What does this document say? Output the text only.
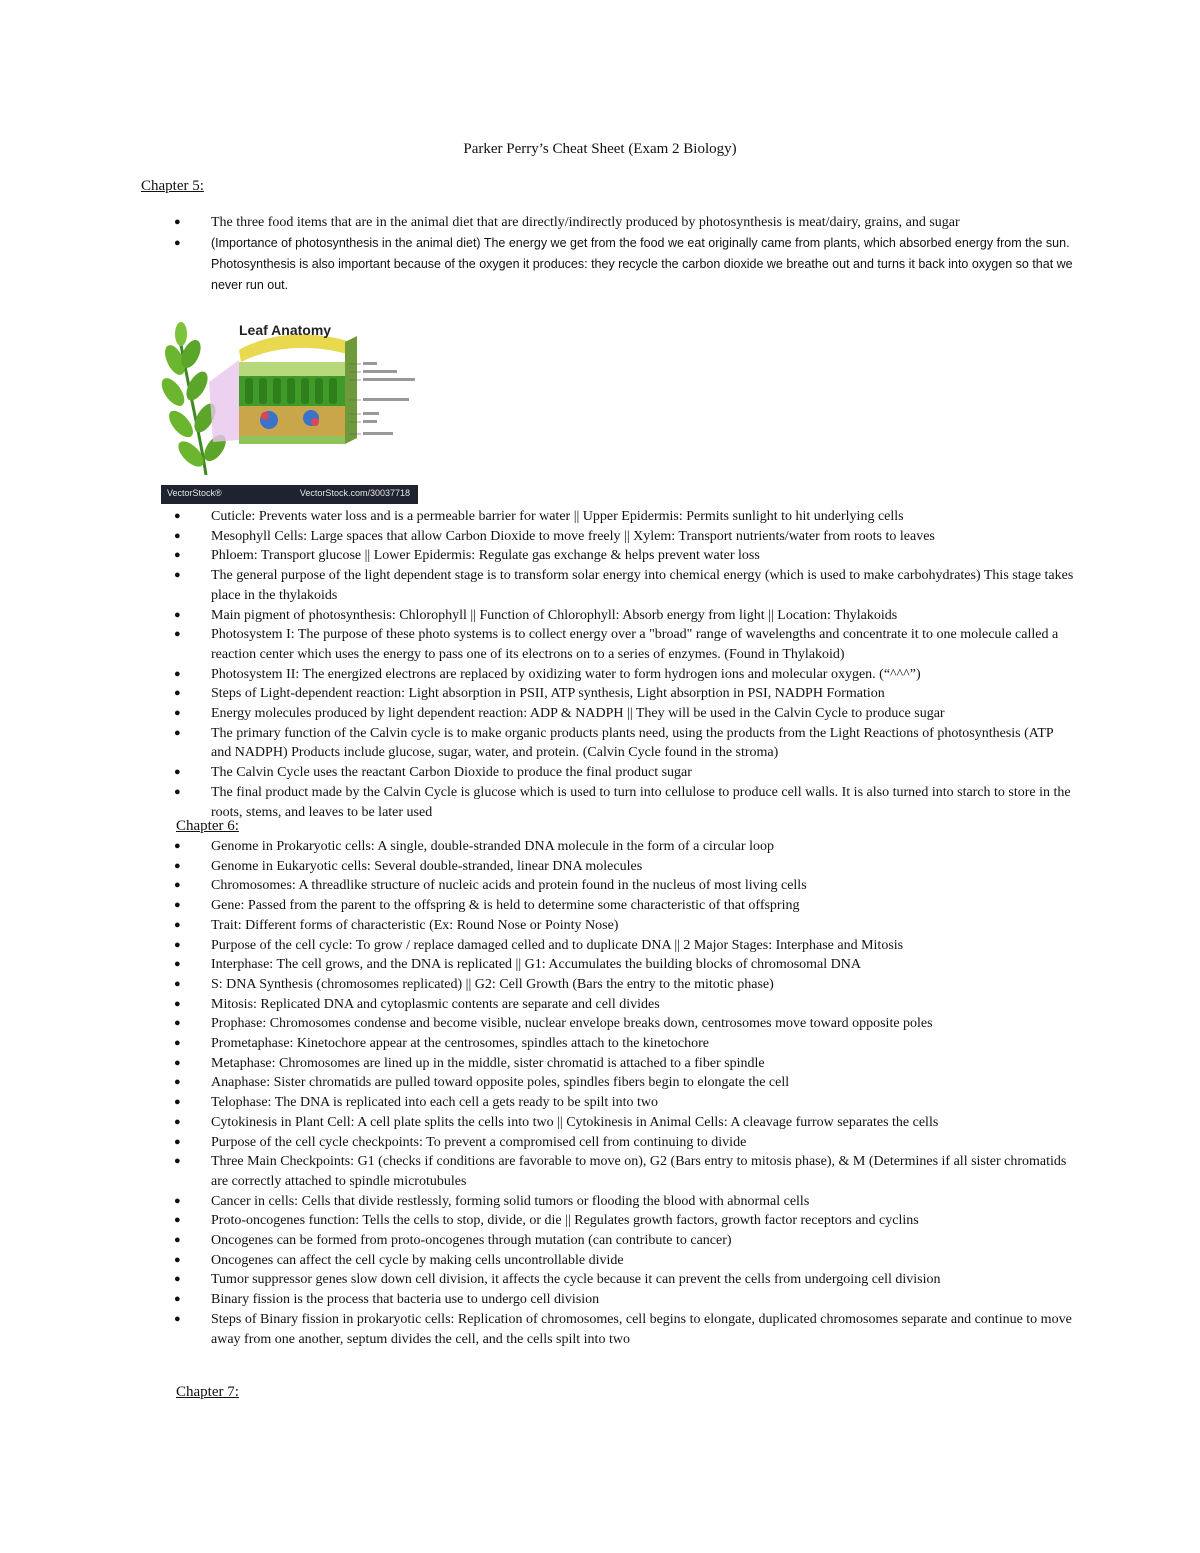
Parker Perry’s Cheat Sheet (Exam 2 Biology)
Chapter 5:
● The three food items that are in the animal diet that are directly/indirectly produced by photosynthesis is meat/dairy, grains, and sugar
● (Importance of photosynthesis in the animal diet) The energy we get from the food we eat originally came from plants, which absorbed energy from the sun. Photosynthesis is also important because of the oxygen it produces: they recycle the carbon dioxide we breathe out and turns it back into oxygen so that we never run out.
Leaf Anatomy
VectorStock®	VectorStock.com/30037718
● Cuticle: Prevents water loss and is a permeable barrier for water || Upper Epidermis: Permits sunlight to hit underlying cells
● Mesophyll Cells: Large spaces that allow Carbon Dioxide to move freely || Xylem: Transport nutrients/water from roots to leaves
● Phloem: Transport glucose || Lower Epidermis: Regulate gas exchange & helps prevent water loss
● The general purpose of the light dependent stage is to transform solar energy into chemical energy (which is used to make carbohydrates) This stage takes place in the thylakoids
● Main pigment of photosynthesis: Chlorophyll || Function of Chlorophyll: Absorb energy from light || Location: Thylakoids
● Photosystem I: The purpose of these photo systems is to collect energy over a "broad" range of wavelengths and concentrate it to one molecule called a reaction center which uses the energy to pass one of its electrons on to a series of enzymes. (Found in Thylakoid)
● Photosystem II: The energized electrons are replaced by oxidizing water to form hydrogen ions and molecular oxygen. (“^^^”)
● Steps of Light-dependent reaction: Light absorption in PSII, ATP synthesis, Light absorption in PSI, NADPH Formation
● Energy molecules produced by light dependent reaction: ADP & NADPH || They will be used in the Calvin Cycle to produce sugar
● The primary function of the Calvin cycle is to make organic products plants need, using the products from the Light Reactions of photosynthesis (ATP and NADPH) Products include glucose, sugar, water, and protein. (Calvin Cycle found in the stroma)
● The Calvin Cycle uses the reactant Carbon Dioxide to produce the final product sugar
● The final product made by the Calvin Cycle is glucose which is used to turn into cellulose to produce cell walls. It is also turned into starch to store in the roots, stems, and leaves to be later used
Chapter 6:
● Genome in Prokaryotic cells: A single, double-stranded DNA molecule in the form of a circular loop
● Genome in Eukaryotic cells: Several double-stranded, linear DNA molecules
● Chromosomes: A threadlike structure of nucleic acids and protein found in the nucleus of most living cells
● Gene: Passed from the parent to the offspring & is held to determine some characteristic of that offspring
● Trait: Different forms of characteristic (Ex: Round Nose or Pointy Nose)
● Purpose of the cell cycle: To grow / replace damaged celled and to duplicate DNA || 2 Major Stages: Interphase and Mitosis
● Interphase: The cell grows, and the DNA is replicated || G1: Accumulates the building blocks of chromosomal DNA
● S: DNA Synthesis (chromosomes replicated) || G2: Cell Growth (Bars the entry to the mitotic phase)
● Mitosis: Replicated DNA and cytoplasmic contents are separate and cell divides
● Prophase: Chromosomes condense and become visible, nuclear envelope breaks down, centrosomes move toward opposite poles
● Prometaphase: Kinetochore appear at the centrosomes, spindles attach to the kinetochore
● Metaphase: Chromosomes are lined up in the middle, sister chromatid is attached to a fiber spindle
● Anaphase: Sister chromatids are pulled toward opposite poles, spindles fibers begin to elongate the cell
● Telophase: The DNA is replicated into each cell a gets ready to be spilt into two
● Cytokinesis in Plant Cell: A cell plate splits the cells into two || Cytokinesis in Animal Cells: A cleavage furrow separates the cells
● Purpose of the cell cycle checkpoints: To prevent a compromised cell from continuing to divide
● Three Main Checkpoints: G1 (checks if conditions are favorable to move on), G2 (Bars entry to mitosis phase), & M (Determines if all sister chromatids are correctly attached to spindle microtubules
● Cancer in cells: Cells that divide restlessly, forming solid tumors or flooding the blood with abnormal cells
● Proto-oncogenes function: Tells the cells to stop, divide, or die || Regulates growth factors, growth factor receptors and cyclins
● Oncogenes can be formed from proto-oncogenes through mutation (can contribute to cancer)
● Oncogenes can affect the cell cycle by making cells uncontrollable divide
● Tumor suppressor genes slow down cell division, it affects the cycle because it can prevent the cells from undergoing cell division
● Binary fission is the process that bacteria use to undergo cell division
● Steps of Binary fission in prokaryotic cells: Replication of chromosomes, cell begins to elongate, duplicated chromosomes separate and continue to move away from one another, septum divides the cell, and the cells spilt into two
Chapter 7:
